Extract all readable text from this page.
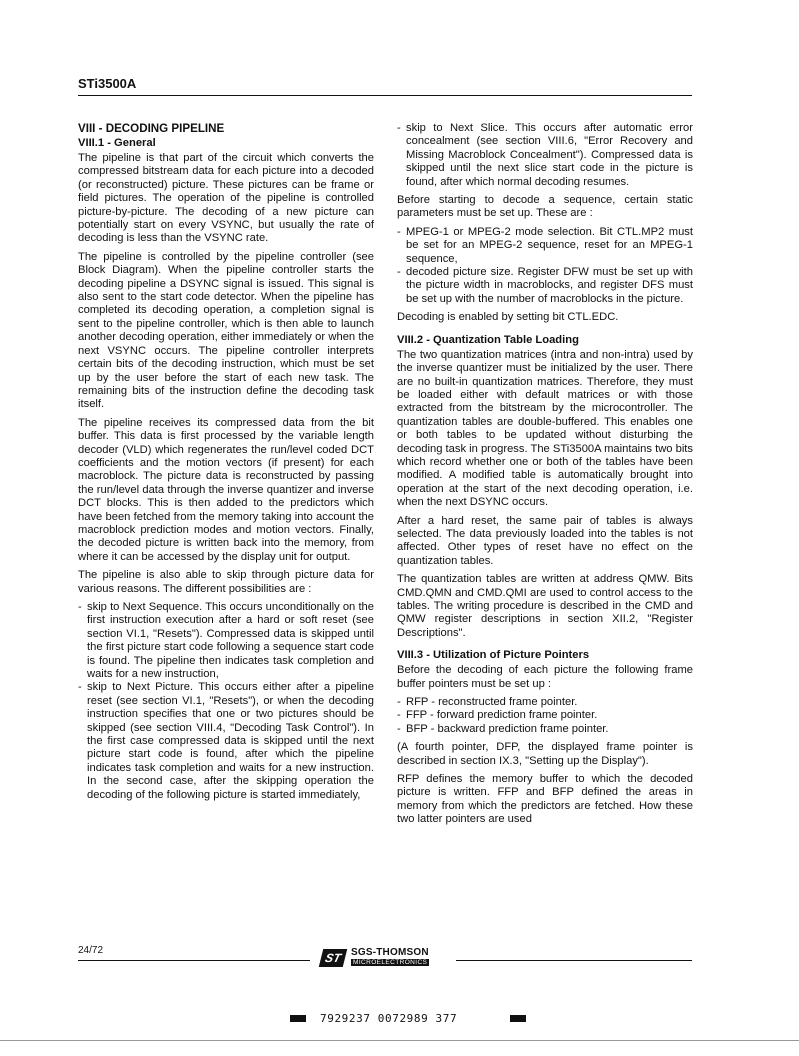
STi3500A
VIII - DECODING PIPELINE
VIII.1 - General

The pipeline is that part of the circuit which converts the compressed bitstream data for each picture into a decoded (or reconstructed) picture. These pictures can be frame or field pictures. The operation of the pipeline is controlled picture-by-picture. The decoding of a new picture can potentially start on every VSYNC, but usually the rate of decoding is less than the VSYNC rate.

The pipeline is controlled by the pipeline controller (see Block Diagram). When the pipeline controller starts the decoding pipeline a DSYNC signal is issued. This signal is also sent to the start code detector. When the pipeline has completed its decoding operation, a completion signal is sent to the pipeline controller, which is then able to launch another decoding operation, either immediately or when the next VSYNC occurs. The pipeline controller interprets certain bits of the decoding instruction, which must be set up by the user before the start of each new task. The remaining bits of the instruction define the decoding task itself.

The pipeline receives its compressed data from the bit buffer. This data is first processed by the variable length decoder (VLD) which regenerates the run/level coded DCT coefficients and the motion vectors (if present) for each macroblock. The picture data is reconstructed by passing the run/level data through the inverse quantizer and inverse DCT blocks. This is then added to the predictors which have been fetched from the memory taking into account the macroblock prediction modes and motion vectors. Finally, the decoded picture is written back into the memory, from where it can be accessed by the display unit for output.

The pipeline is also able to skip through picture data for various reasons. The different possibilities are :

- skip to Next Sequence. This occurs unconditionally on the first instruction execution after a hard or soft reset (see section VI.1, "Resets"). Compressed data is skipped until the first picture start code following a sequence start code is found. The pipeline then indicates task completion and waits for a new instruction,
- skip to Next Picture. This occurs either after a pipeline reset (see section VI.1, "Resets"), or when the decoding instruction specifies that one or two pictures should be skipped (see section VIII.4, "Decoding Task Control"). In the first case compressed data is skipped until the next picture start code is found, after which the pipeline indicates task completion and waits for a new instruction. In the second case, after the skipping operation the decoding of the following picture is started immediately,
- skip to Next Slice. This occurs after automatic error concealment (see section VIII.6, "Error Recovery and Missing Macroblock Concealment"). Compressed data is skipped until the next slice start code in the picture is found, after which normal decoding resumes.

Before starting to decode a sequence, certain static parameters must be set up. These are :

- MPEG-1 or MPEG-2 mode selection. Bit CTL.MP2 must be set for an MPEG-2 sequence, reset for an MPEG-1 sequence,
- decoded picture size. Register DFW must be set up with the picture width in macroblocks, and register DFS must be set up with the number of macroblocks in the picture.

Decoding is enabled by setting bit CTL.EDC.

VIII.2 - Quantization Table Loading

The two quantization matrices (intra and non-intra) used by the inverse quantizer must be initialized by the user. There are no built-in quantization matrices. Therefore, they must be loaded either with default matrices or with those extracted from the bitstream by the microcontroller. The quantization tables are double-buffered. This enables one or both tables to be updated without disturbing the decoding task in progress. The STi3500A maintains two bits which record whether one or both of the tables have been modified. A modified table is automatically brought into operation at the start of the next decoding operation, i.e. when the next DSYNC occurs.

After a hard reset, the same pair of tables is always selected. The data previously loaded into the tables is not affected. Other types of reset have no effect on the quantization tables.

The quantization tables are written at address QMW. Bits CMD.QMN and CMD.QMI are used to control access to the tables. The writing procedure is described in the CMD and QMW register descriptions in section XII.2, "Register Descriptions".

VIII.3 - Utilization of Picture Pointers

Before the decoding of each picture the following frame buffer pointers must be set up :

- RFP - reconstructed frame pointer.
- FFP - forward prediction frame pointer.
- BFP - backward prediction frame pointer.

(A fourth pointer, DFP, the displayed frame pointer is described in section IX.3, "Setting up the Display").

RFP defines the memory buffer to which the decoded picture is written. FFP and BFP defined the areas in memory from which the predictors are fetched. How these two latter pointers are used

24/72
ST SGS-THOMSON
MICROELECTRONICS
7929237 0072989 377
